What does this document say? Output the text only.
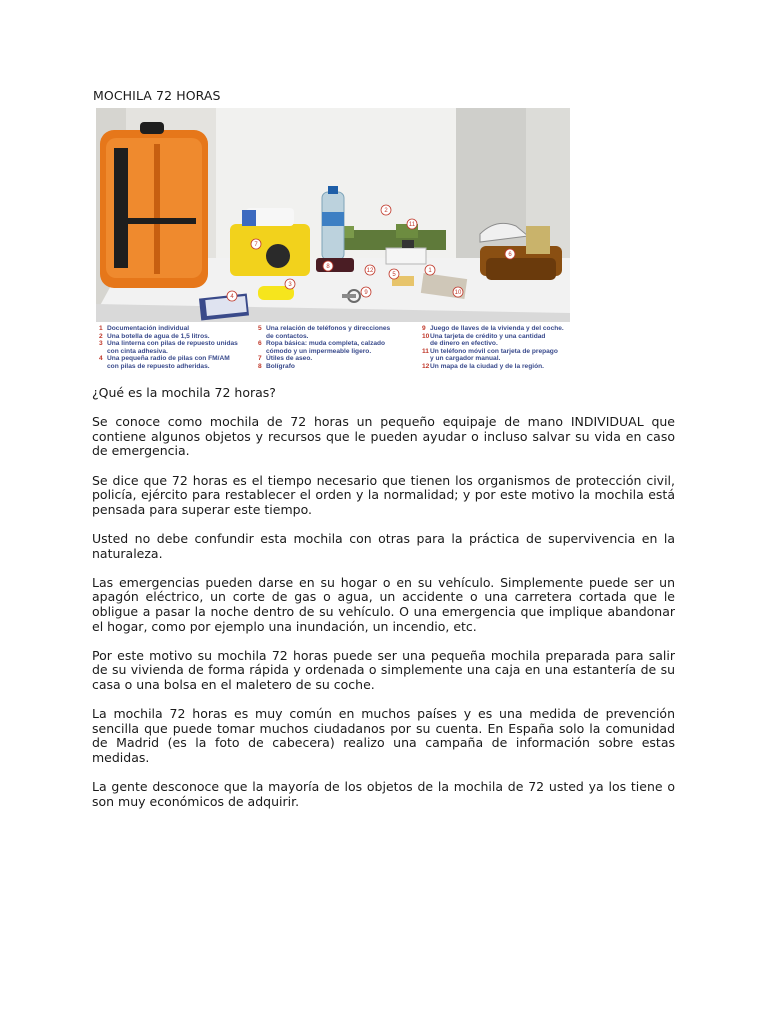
MOCHILA 72 HORAS
2
7
11
8
12
5
1
3
4
9	10
6
1 Documentación individual
2 Una botella de agua de 1,5 litros.
3 Una linterna con pilas de repuesto unidas
con cinta adhesiva.
4 Una pequeña radio de pilas con FM/AM
con pilas de repuesto adheridas.
5 Una relación de teléfonos y direcciones
de contactos.
6 Ropa básica: muda completa, calzado
cómodo y un impermeable ligero.
7 Útiles de aseo.
8 Bolígrafo
9 Juego de llaves de la vivienda y del coche.
10 Una tarjeta de crédito y una cantidad
de dinero en efectivo.
11 Un teléfono móvil con tarjeta de prepago
y un cargador manual.
12 Un mapa de la ciudad y de la región.

¿Qué es la mochila 72 horas?

Se conoce como mochila de 72 horas un pequeño equipaje de mano INDIVIDUAL que contiene algunos objetos y recursos que le pueden ayudar o incluso salvar su vida en caso de emergencia.

Se dice que 72 horas es el tiempo necesario que tienen los organismos de protección civil, policía, ejército para restablecer el orden y la normalidad; y por este motivo la mochila está pensada para superar este tiempo.

Usted no debe confundir esta mochila con otras para la práctica de supervivencia en la naturaleza.

Las emergencias pueden darse en su hogar o en su vehículo. Simplemente puede ser un apagón eléctrico, un corte de gas o agua, un accidente o una carretera cortada que le obligue a pasar la noche dentro de su vehículo. O una emergencia que implique abandonar el hogar, como por ejemplo una inundación, un incendio, etc.

Por este motivo su mochila 72 horas puede ser una pequeña mochila preparada para salir de su vivienda de forma rápida y ordenada o simplemente una caja en una estantería de su casa o una bolsa en el maletero de su coche.

La mochila 72 horas es muy común en muchos países y es una medida de prevención sencilla que puede tomar muchos ciudadanos por su cuenta. En España solo la comunidad de Madrid (es la foto de cabecera) realizo una campaña de información sobre estas medidas.

La gente desconoce que la mayoría de los objetos de la mochila de 72 usted ya los tiene o son muy económicos de adquirir.
